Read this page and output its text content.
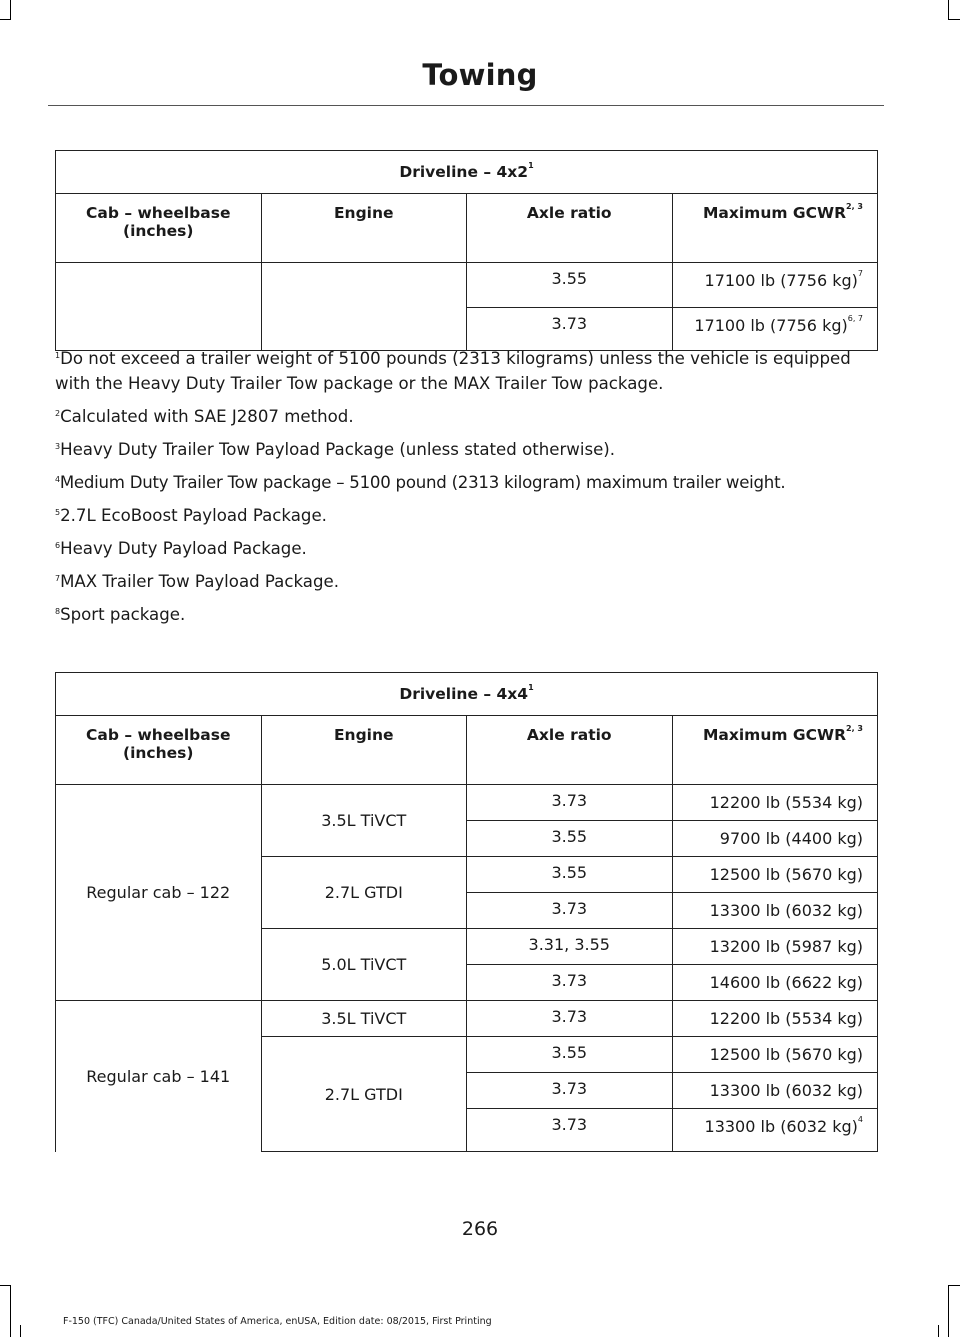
Towing
Driveline – $4x2^1$
Cab – wheelbase (inches)	Engine	Axle ratio	Maximum GCWR$^{2, 3}$
		3.55	17100 lb (7756 kg)$^7$
		3.73	17100 lb (7756 kg)$^{6, 7}$

$^1$Do not exceed a trailer weight of 5100 pounds (2313 kilograms) unless the vehicle is equipped with the Heavy Duty Trailer Tow package or the MAX Trailer Tow package.

$^2$Calculated with SAE J2807 method.

$^3$Heavy Duty Trailer Tow Payload Package (unless stated otherwise).

$^4$Medium Duty Trailer Tow package – 5100 pound (2313 kilogram) maximum trailer weight.

$^5$2.7L EcoBoost Payload Package.

$^6$Heavy Duty Payload Package.

$^7$MAX Trailer Tow Payload Package.

$^8$Sport package.

Driveline – $4x4^1$
Cab – wheelbase (inches)	Engine	Axle ratio	Maximum GCWR$^{2, 3}$
Regular cab – 122	3.5L TiVCT	3.73	12200 lb (5534 kg)
		3.55	9700 lb (4400 kg)
	2.7L GTDI	3.55	12500 lb (5670 kg)
		3.73	13300 lb (6032 kg)
	5.0L TiVCT	3.31, 3.55	13200 lb (5987 kg)
		3.73	14600 lb (6622 kg)
Regular cab – 141	3.5L TiVCT	3.73	12200 lb (5534 kg)
	2.7L GTDI	3.55	12500 lb (5670 kg)
		3.73	13300 lb (6032 kg)
		3.73	13300 lb (6032 kg)$^4$
266
F-150 (TFC) Canada/United States of America, enUSA, Edition date: 08/2015, First Printing
